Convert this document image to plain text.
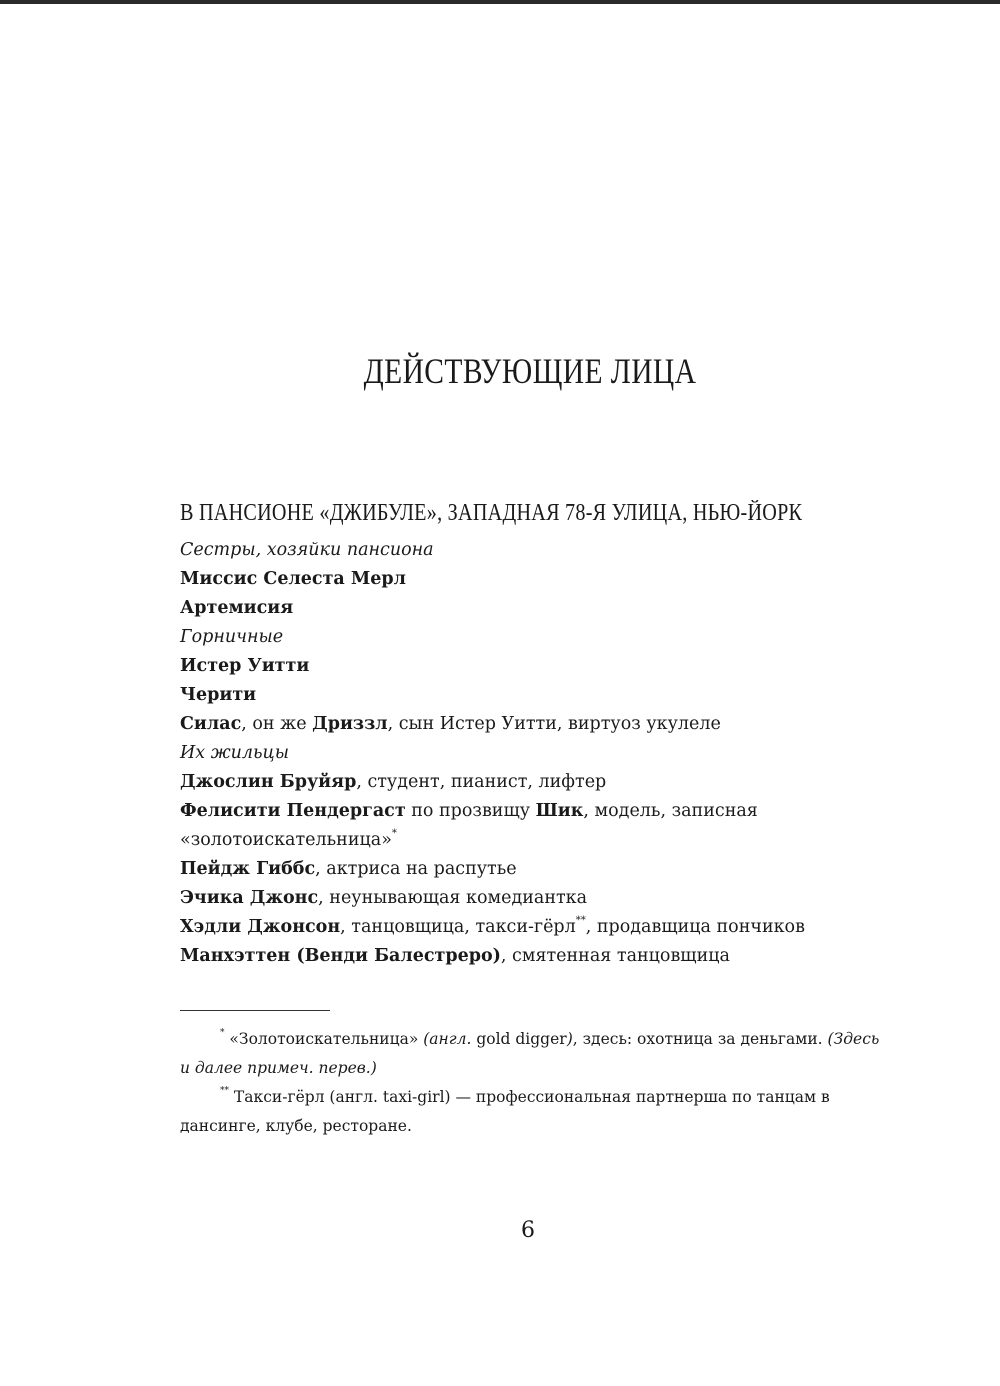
ДЕЙСТВУЮЩИЕ ЛИЦА
В ПАНСИОНЕ «ДЖИБУЛЕ», ЗАПАДНАЯ 78-Я УЛИЦА, НЬЮ-ЙОРК
Сестры, хозяйки пансиона
Миссис Селеста Мерл
Артемисия
Горничные
Истер Уитти
Черити
Силас, он же Дриззл, сын Истер Уитти, виртуоз укулеле
Их жильцы
Джослин Бруйяр, студент, пианист, лифтер
Фелисити Пендергаст по прозвищу Шик, модель, записная «золотоискательница»*
Пейдж Гиббс, актриса на распутье
Эчика Джонс, неунывающая комедиантка
Хэдли Джонсон, танцовщица, такси-гёрл**, продавщица пончиков
Манхэттен (Венди Балестреро), смятенная танцовщица

* «Золотоискательница» (англ. gold digger), здесь: охотница за деньгами. (Здесь и далее примеч. перев.)

** Такси-гёрл (англ. taxi-girl) — профессиональная партнерша по танцам в дансинге, клубе, ресторане.

6
